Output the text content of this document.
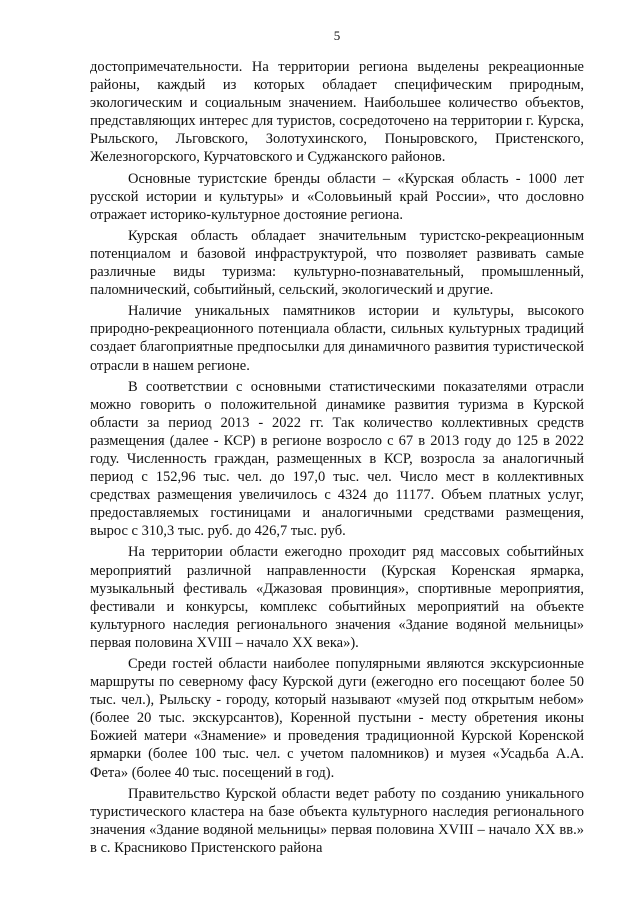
5

достопримечательности. На территории региона выделены рекреационные районы, каждый из которых обладает специфическим природным, экологическим и социальным значением. Наибольшее количество объектов, представляющих интерес для туристов, сосредоточено на территории г. Курска, Рыльского, Льговского, Золотухинского, Поныровского, Пристенского, Железногорского, Курчатовского и Суджанского районов.

Основные туристские бренды области – «Курская область - 1000 лет русской истории и культуры» и «Соловьиный край России», что дословно отражает историко-культурное достояние региона.

Курская область обладает значительным туристско-рекреационным потенциалом и базовой инфраструктурой, что позволяет развивать самые различные виды туризма: культурно-познавательный, промышленный, паломнический, событийный, сельский, экологический и другие.

Наличие уникальных памятников истории и культуры, высокого природно-рекреационного потенциала области, сильных культурных традиций создает благоприятные предпосылки для динамичного развития туристической отрасли в нашем регионе.

В соответствии с основными статистическими показателями отрасли можно говорить о положительной динамике развития туризма в Курской области за период 2013 - 2022 гг. Так количество коллективных средств размещения (далее - КСР) в регионе возросло с 67 в 2013 году до 125 в 2022 году. Численность граждан, размещенных в КСР, возросла за аналогичный период с 152,96 тыс. чел. до 197,0 тыс. чел. Число мест в коллективных средствах размещения увеличилось с 4324 до 11177. Объем платных услуг, предоставляемых гостиницами и аналогичными средствами размещения, вырос с 310,3 тыс. руб. до 426,7 тыс. руб.

На территории области ежегодно проходит ряд массовых событийных мероприятий различной направленности (Курская Коренская ярмарка, музыкальный фестиваль «Джазовая провинция», спортивные мероприятия, фестивали и конкурсы, комплекс событийных мероприятий на объекте культурного наследия регионального значения «Здание водяной мельницы» первая половина XVIII – начало XX века»).

Среди гостей области наиболее популярными являются экскурсионные маршруты по северному фасу Курской дуги (ежегодно его посещают более 50 тыс. чел.), Рыльску - городу, который называют «музей под открытым небом» (более 20 тыс. экскурсантов), Коренной пустыни - месту обретения иконы Божией матери «Знамение» и проведения традиционной Курской Коренской ярмарки (более 100 тыс. чел. с учетом паломников) и музея «Усадьба А.А. Фета» (более 40 тыс. посещений в год).

Правительство Курской области ведет работу по созданию уникального туристического кластера на базе объекта культурного наследия регионального значения «Здание водяной мельницы» первая половина XVIII – начало XX вв.» в с. Красниково Пристенского района
